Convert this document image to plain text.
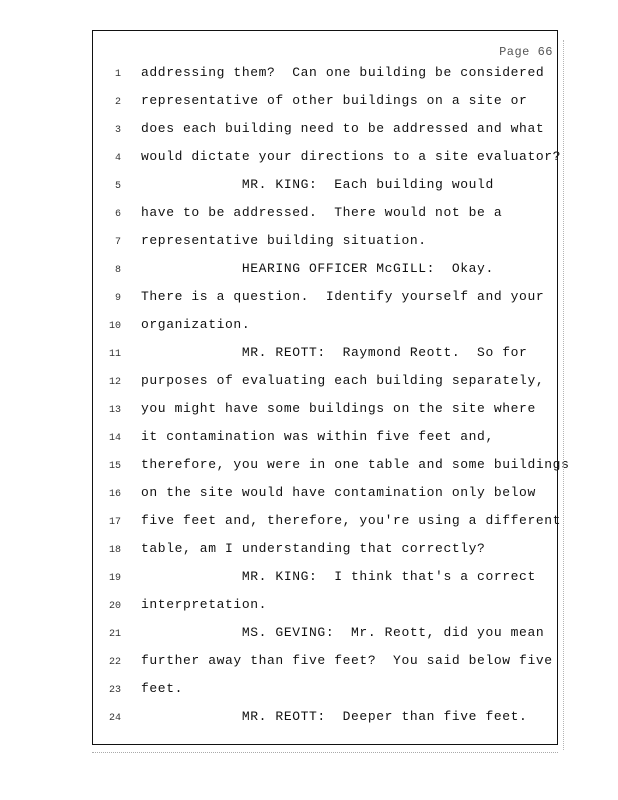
Page 66
1 addressing them?  Can one building be considered
2 representative of other buildings on a site or
3 does each building need to be addressed and what
4 would dictate your directions to a site evaluator?
5 MR. KING:  Each building would
6 have to be addressed.  There would not be a
7 representative building situation.
8 HEARING OFFICER McGILL:  Okay.
9 There is a question.  Identify yourself and your
10 organization.
11 MR. REOTT:  Raymond Reott.  So for
12 purposes of evaluating each building separately,
13 you might have some buildings on the site where
14 it contamination was within five feet and,
15 therefore, you were in one table and some buildings
16 on the site would have contamination only below
17 five feet and, therefore, you're using a different
18 table, am I understanding that correctly?
19 MR. KING:  I think that's a correct
20 interpretation.
21 MS. GEVING:  Mr. Reott, did you mean
22 further away than five feet?  You said below five
23 feet.
24 MR. REOTT:  Deeper than five feet.
